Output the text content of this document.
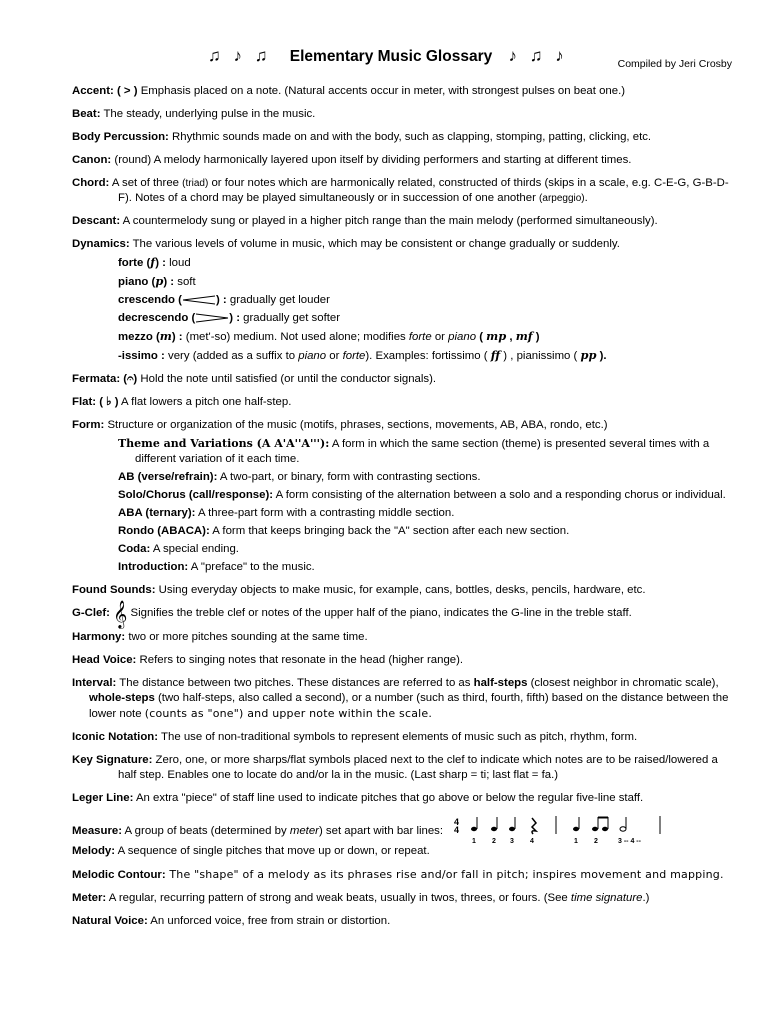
♫ ♪ ♫ Elementary Music Glossary ♪ ♫ ♪	Compiled by Jeri Crosby
Accent: ( > ) Emphasis placed on a note. (Natural accents occur in meter, with strongest pulses on beat one.)
Beat: The steady, underlying pulse in the music.
Body Percussion: Rhythmic sounds made on and with the body, such as clapping, stomping, patting, clicking, etc.
Canon: (round) A melody harmonically layered upon itself by dividing performers and starting at different times.
Chord: A set of three (triad) or four notes which are harmonically related, constructed of thirds (skips in a scale, e.g. C-E-G, G-B-D-F). Notes of a chord may be played simultaneously or in succession of one another (arpeggio).
Descant: A countermelody sung or played in a higher pitch range than the main melody (performed simultaneously).
Dynamics: The various levels of volume in music, which may be consistent or change gradually or suddenly.
forte (f) : loud
piano (p) : soft
crescendo (	) : gradually get louder
decrescendo (	) : gradually get softer
mezzo (m) : (met'-so) medium. Not used alone; modifies forte or piano ( mp , mf )
-issimo : very (added as a suffix to piano or forte). Examples: fortissimo ( ff ) , pianissimo ( pp ).
Fermata: (𝄐) Hold the note until satisfied (or until the conductor signals).
Flat: ( ♭ ) A flat lowers a pitch one half-step.
Form: Structure or organization of the music (motifs, phrases, sections, movements, AB, ABA, rondo, etc.)
Theme and Variations (A A'A''A'''): A form in which the same section (theme) is presented several times with a different variation of it each time.
AB (verse/refrain): A two-part, or binary, form with contrasting sections.
Solo/Chorus (call/response): A form consisting of the alternation between a solo and a responding chorus or individual.
ABA (ternary): A three-part form with a contrasting middle section.
Rondo (ABACA): A form that keeps bringing back the "A" section after each new section.
Coda: A special ending.
Introduction: A "preface" to the music.
Found Sounds: Using everyday objects to make music, for example, cans, bottles, desks, pencils, hardware, etc.
G-Clef: 𝄞 Signifies the treble clef or notes of the upper half of the piano, indicates the G-line in the treble staff.
Harmony: two or more pitches sounding at the same time.
Head Voice: Refers to singing notes that resonate in the head (higher range).
Interval: The distance between two pitches. These distances are referred to as half-steps (closest neighbor in chromatic scale), whole-steps (two half-steps, also called a second), or a number (such as third, fourth, fifth) based on the distance between the lower note (counts as "one") and upper note within the scale.
Iconic Notation: The use of non-traditional symbols to represent elements of music such as pitch, rhythm, form.
Key Signature: Zero, one, or more sharps/flat symbols placed next to the clef to indicate which notes are to be raised/lowered a half step. Enables one to locate do and/or la in the music. (Last sharp = ti; last flat = fa.)
Leger Line: An extra "piece" of staff line used to indicate pitches that go above or below the regular five-line staff.
Measure: A group of beats (determined by meter) set apart with bar lines:
4
4
1 2 3 4	1 2	3 -- 4 --
Melody: A sequence of single pitches that move up or down, or repeat.
Melodic Contour: The "shape" of a melody as its phrases rise and/or fall in pitch; inspires movement and mapping.
Meter: A regular, recurring pattern of strong and weak beats, usually in twos, threes, or fours. (See time signature.)
Natural Voice: An unforced voice, free from strain or distortion.
